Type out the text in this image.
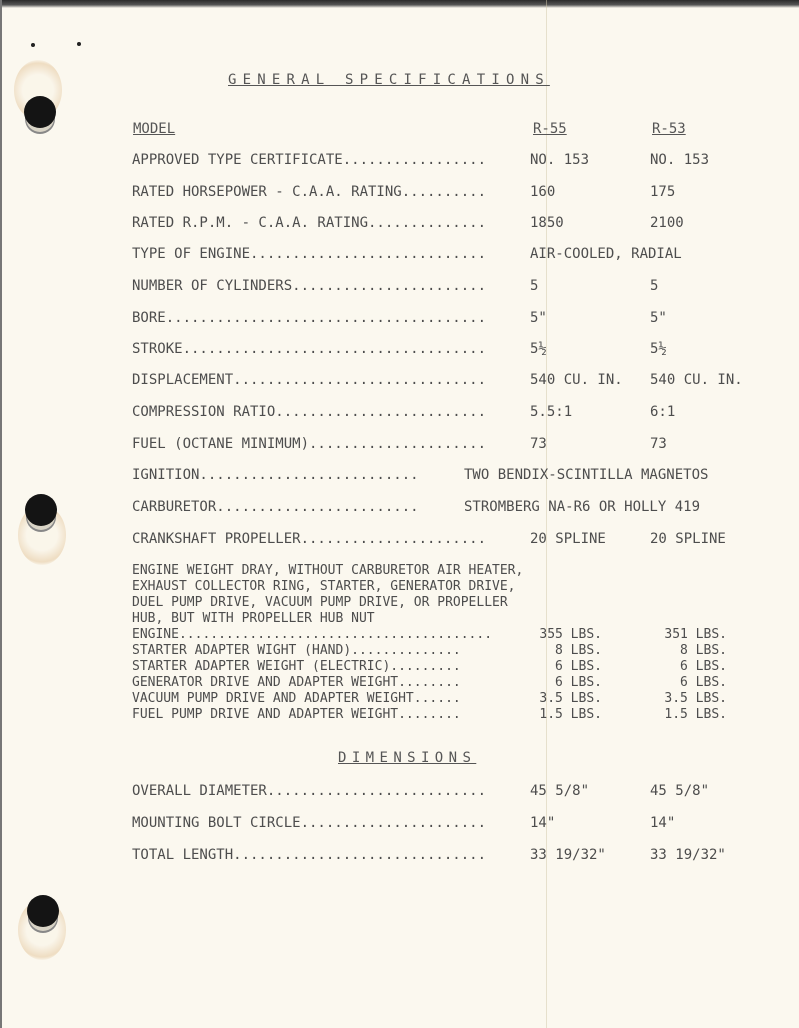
GENERAL SPECIFICATIONS
MODEL	R-55	R-53
APPROVED TYPE CERTIFICATE.................	NO. 153	NO. 153
RATED HORSEPOWER - C.A.A. RATING..........	160	175
RATED R.P.M. - C.A.A. RATING..............	1850	2100
TYPE OF ENGINE............................	AIR-COOLED, RADIAL
NUMBER OF CYLINDERS.......................	5	5
BORE......................................	5"	5"
STROKE....................................	5½	5½
DISPLACEMENT..............................	540 CU. IN. 540 CU. IN.
COMPRESSION RATIO.........................	5.5:1	6:1
FUEL (OCTANE MINIMUM).....................	73	73
IGNITION..........................	TWO BENDIX-SCINTILLA MAGNETOS
CARBURETOR........................	STROMBERG NA-R6 OR HOLLY 419
CRANKSHAFT PROPELLER......................	20 SPLINE	20 SPLINE
ENGINE WEIGHT DRAY, WITHOUT CARBURETOR AIR HEATER,
EXHAUST COLLECTOR RING, STARTER, GENERATOR DRIVE,
DUEL PUMP DRIVE, VACUUM PUMP DRIVE, OR PROPELLER
HUB, BUT WITH PROPELLER HUB NUT
ENGINE........................................	355 LBS.	351 LBS.
STARTER ADAPTER WIGHT (HAND)..............	8 LBS.	8 LBS.
STARTER ADAPTER WEIGHT (ELECTRIC).........	6 LBS.	6 LBS.
GENERATOR DRIVE AND ADAPTER WEIGHT........	6 LBS.	6 LBS.
VACUUM PUMP DRIVE AND ADAPTER WEIGHT......	3.5 LBS.	3.5 LBS.
FUEL PUMP DRIVE AND ADAPTER WEIGHT........	1.5 LBS.	1.5 LBS.
DIMENSIONS
OVERALL DIAMETER..........................	45 5/8"	45 5/8"
MOUNTING BOLT CIRCLE......................	14"	14"
TOTAL LENGTH..............................	33 19/32"	33 19/32"
